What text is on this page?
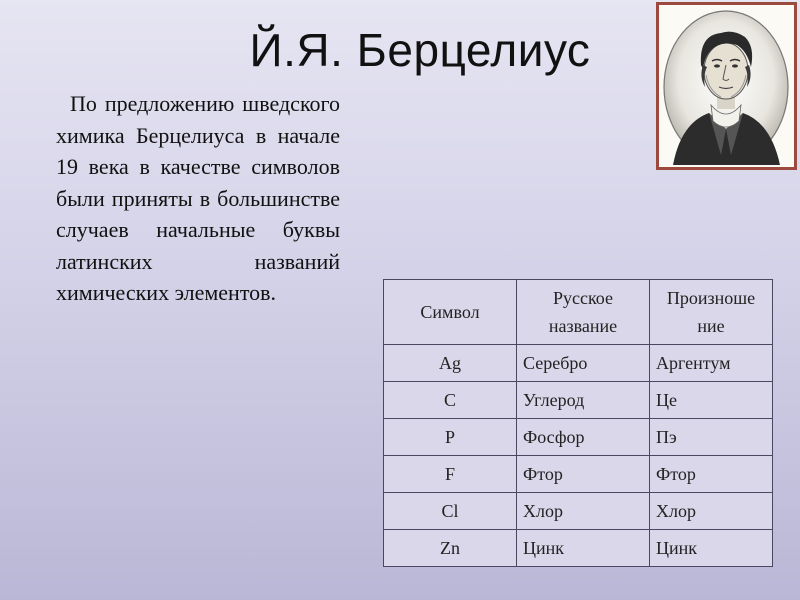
Й.Я. Берцелиус
По предложению шведского химика Берцелиуса в начале 19 века в качестве символов были приняты в большинстве случаев начальные буквы латинских названий химических элементов.
Символ	Русское название	Произноше ние
Ag	Серебро	Аргентум
C	Углерод	Це
P	Фосфор	Пэ
F	Фтор	Фтор
Cl	Хлор	Хлор
Zn	Цинк	Цинк
